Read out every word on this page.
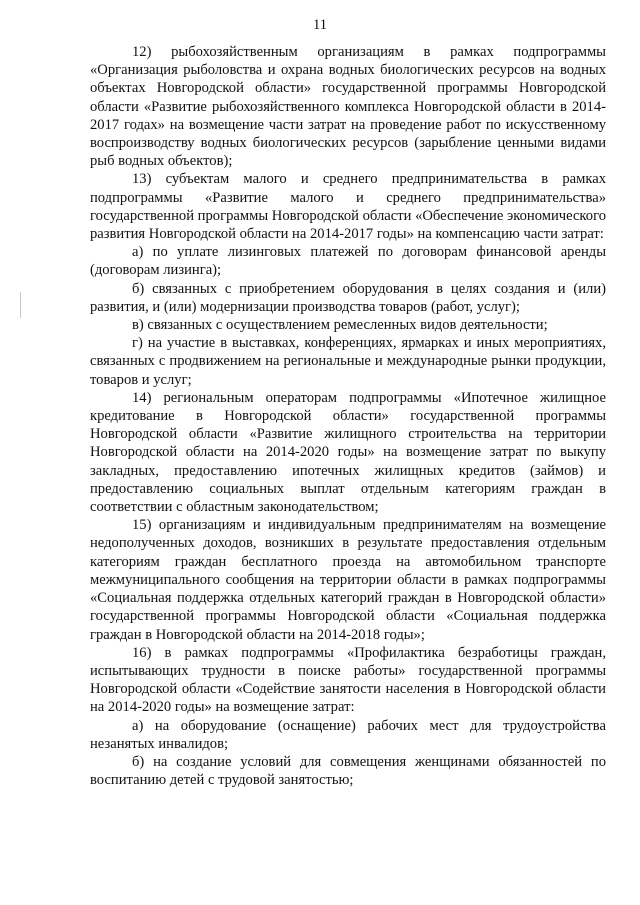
11

12) рыбохозяйственным организациям в рамках подпрограммы «Организация рыболовства и охрана водных биологических ресурсов на водных объектах Новгородской области» государственной программы Новгородской области «Развитие рыбохозяйственного комплекса Новгородской области в 2014-2017 годах» на возмещение части затрат на проведение работ по искусственному воспроизводству водных биологических ресурсов (зарыбление ценными видами рыб водных объектов);

13) субъектам малого и среднего предпринимательства в рамках подпрограммы «Развитие малого и среднего предпринимательства» государственной программы Новгородской области «Обеспечение экономического развития Новгородской области на 2014-2017 годы» на компенсацию части затрат:

а) по уплате лизинговых платежей по договорам финансовой аренды (договорам лизинга);

б) связанных с приобретением оборудования в целях создания и (или) развития, и (или) модернизации производства товаров (работ, услуг);

в) связанных с осуществлением ремесленных видов деятельности;

г) на участие в выставках, конференциях, ярмарках и иных мероприятиях, связанных с продвижением на региональные и международные рынки продукции, товаров и услуг;

14) региональным операторам подпрограммы «Ипотечное жилищное кредитование в Новгородской области» государственной программы Новгородской области «Развитие жилищного строительства на территории Новгородской области на 2014-2020 годы» на возмещение затрат по выкупу закладных, предоставлению ипотечных жилищных кредитов (займов) и предоставлению социальных выплат отдельным категориям граждан в соответствии с областным законодательством;

15) организациям и индивидуальным предпринимателям на возмещение недополученных доходов, возникших в результате предоставления отдельным категориям граждан бесплатного проезда на автомобильном транспорте межмуниципального сообщения на территории области в рамках подпрограммы «Социальная поддержка отдельных категорий граждан в Новгородской области» государственной программы Новгородской области «Социальная поддержка граждан в Новгородской области на 2014-2018 годы»;

16) в рамках подпрограммы «Профилактика безработицы граждан, испытывающих трудности в поиске работы» государственной программы Новгородской области «Содействие занятости населения в Новгородской области на 2014-2020 годы» на возмещение затрат:

а) на оборудование (оснащение) рабочих мест для трудоустройства незанятых инвалидов;

б) на создание условий для совмещения женщинами обязанностей по воспитанию детей с трудовой занятостью;
